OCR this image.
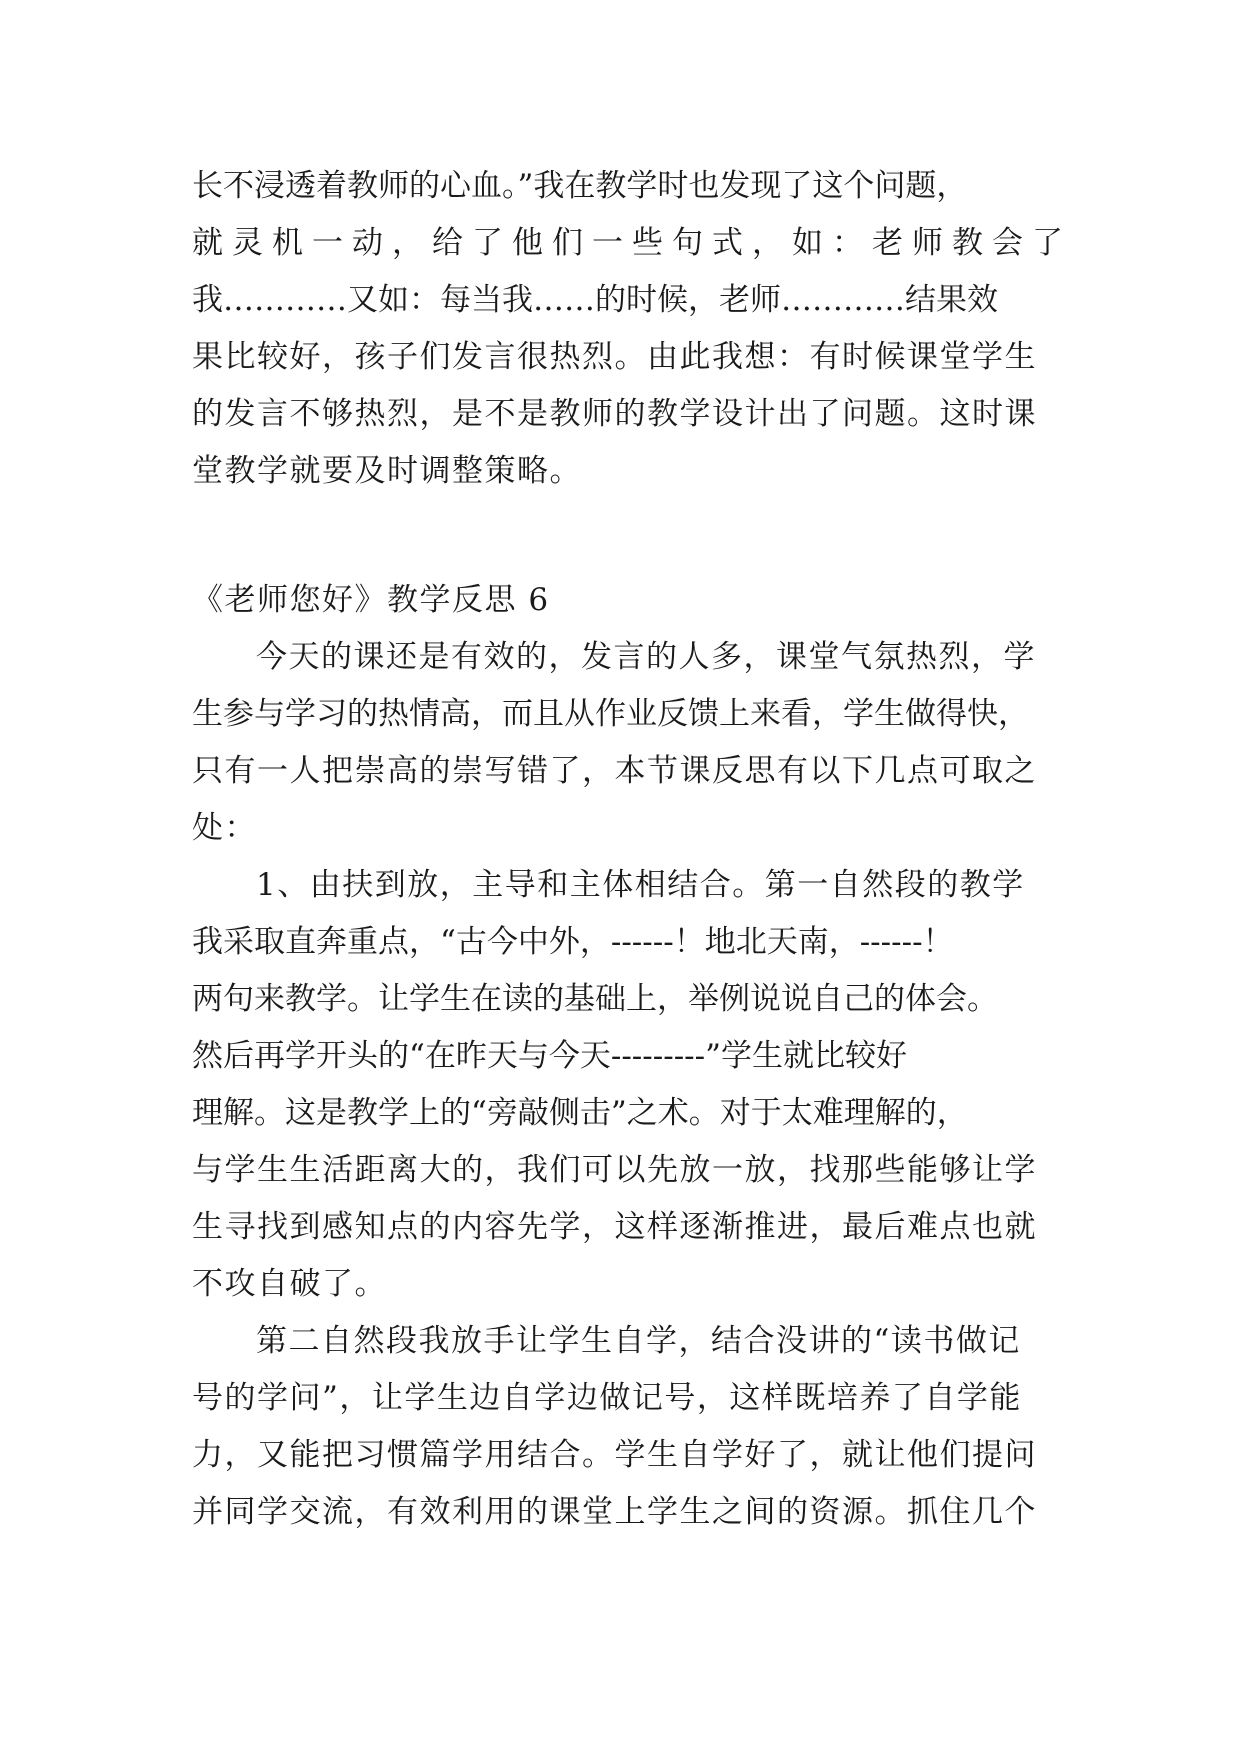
长不浸透着教师的心血。”我在教学时也发现了这个问题，
就灵机一动，给了他们一些句式，如：老师教会了
我…………又如：每当我……的时候，老师…………结果效
果比较好，孩子们发言很热烈。由此我想：有时候课堂学生
的发言不够热烈，是不是教师的教学设计出了问题。这时课
堂教学就要及时调整策略。
《老师您好》教学反思 6
今天的课还是有效的，发言的人多，课堂气氛热烈，学
生参与学习的热情高，而且从作业反馈上来看，学生做得快，
只有一人把崇高的崇写错了，本节课反思有以下几点可取之
处：
1、由扶到放，主导和主体相结合。第一自然段的教学
我采取直奔重点，“古今中外，------！地北天南，------！
两句来教学。让学生在读的基础上，举例说说自己的体会。
然后再学开头的“在昨天与今天---------”学生就比较好
理解。这是教学上的“旁敲侧击”之术。对于太难理解的，
与学生生活距离大的，我们可以先放一放，找那些能够让学
生寻找到感知点的内容先学，这样逐渐推进，最后难点也就
不攻自破了。
第二自然段我放手让学生自学，结合没讲的“读书做记
号的学问”，让学生边自学边做记号，这样既培养了自学能
力，又能把习惯篇学用结合。学生自学好了，就让他们提问
并同学交流，有效利用的课堂上学生之间的资源。抓住几个
